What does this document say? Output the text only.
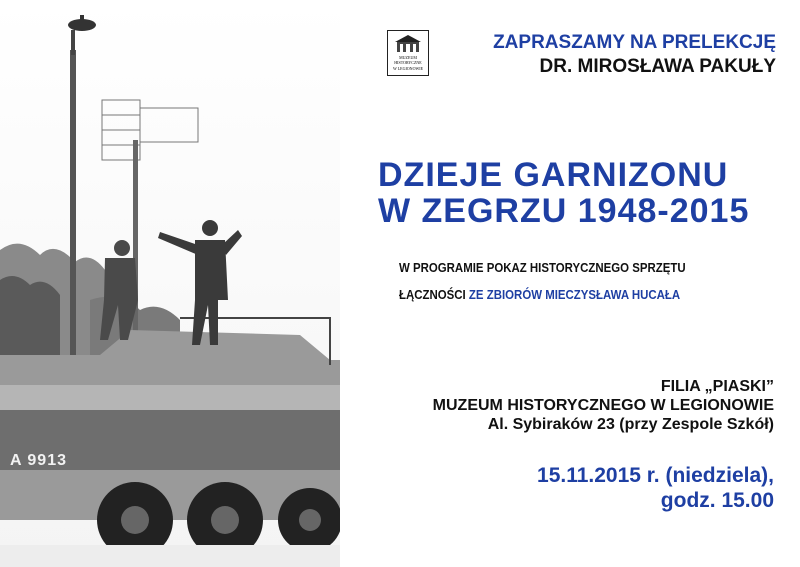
A 9913
MUZEUM
HISTORYCZNE
W LEGIONOWIE
ZAPRASZAMY NA PRELEKCJĘ
DR. MIROSŁAWA PAKUŁY
DZIEJE GARNIZONU
W ZEGRZU 1948-2015
W PROGRAMIE POKAZ HISTORYCZNEGO SPRZĘTU
ŁĄCZNOŚCI ZE ZBIORÓW MIECZYSŁAWA HUCAŁA
FILIA „PIASKI”
MUZEUM HISTORYCZNEGO W LEGIONOWIE
Al. Sybiraków 23 (przy Zespole Szkół)
15.11.2015 r. (niedziela),
godz. 15.00
